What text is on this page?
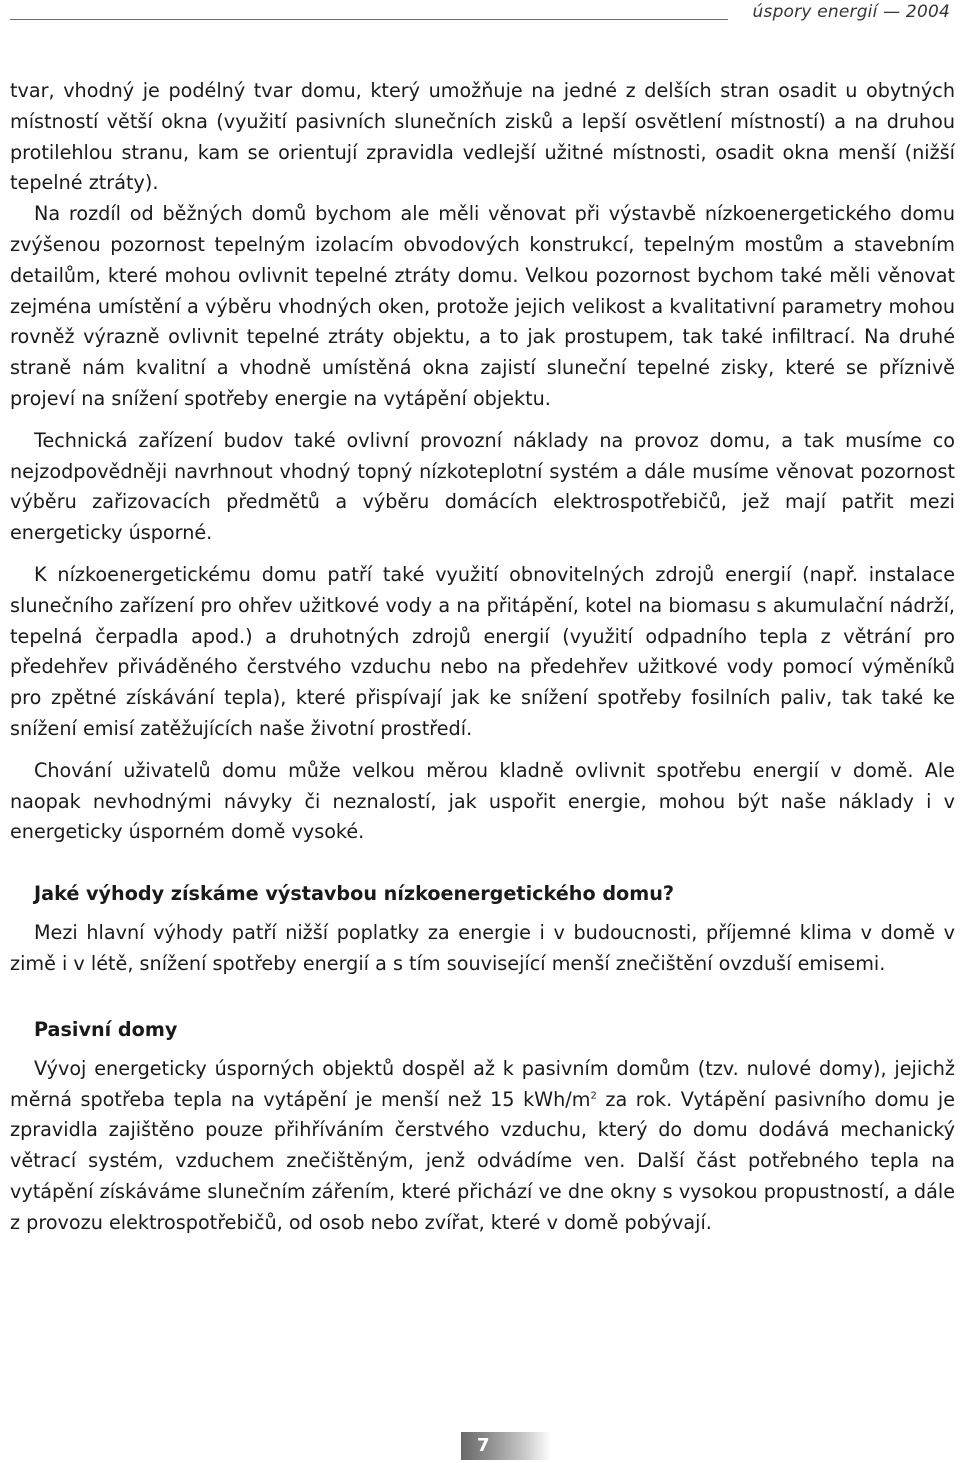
úspory energií — 2004

tvar, vhodný je podélný tvar domu, který umožňuje na jedné z delších stran osadit u obytných místností větší okna (využití pasivních slunečních zisků a lepší osvětlení místností) a na druhou protilehlou stranu, kam se orientují zpravidla vedlejší užitné místnosti, osadit okna menší (nižší tepelné ztráty).

Na rozdíl od běžných domů bychom ale měli věnovat při výstavbě nízkoenergetického domu zvýšenou pozornost tepelným izolacím obvodových konstrukcí, tepelným mostům a stavebním detailům, které mohou ovlivnit tepelné ztráty domu. Velkou pozornost bychom také měli věnovat zejména umístění a výběru vhodných oken, protože jejich velikost a kvalitativní parametry mohou rovněž výrazně ovlivnit tepelné ztráty objektu, a to jak prostupem, tak také infiltrací. Na druhé straně nám kvalitní a vhodně umístěná okna zajistí sluneční tepelné zisky, které se příznivě projeví na snížení spotřeby energie na vytápění objektu.

Technická zařízení budov také ovlivní provozní náklady na provoz domu, a tak musíme co nejzodpovědněji navrhnout vhodný topný nízkoteplotní systém a dále musíme věnovat pozornost výběru zařizovacích předmětů a výběru domácích elektrospotřebičů, jež mají patřit mezi energeticky úsporné.

K nízkoenergetickému domu patří také využití obnovitelných zdrojů energií (např. instalace slunečního zařízení pro ohřev užitkové vody a na přitápění, kotel na biomasu s akumulační nádrží, tepelná čerpadla apod.) a druhotných zdrojů energií (využití odpadního tepla z větrání pro předehřev přiváděného čerstvého vzduchu nebo na předehřev užitkové vody pomocí výměníků pro zpětné získávání tepla), které přispívají jak ke snížení spotřeby fosilních paliv, tak také ke snížení emisí zatěžujících naše životní prostředí.

Chování uživatelů domu může velkou měrou kladně ovlivnit spotřebu energií v domě. Ale naopak nevhodnými návyky či neznalostí, jak uspořit energie, mohou být naše náklady i v energeticky úsporném domě vysoké.

Jaké výhody získáme výstavbou nízkoenergetického domu?

Mezi hlavní výhody patří nižší poplatky za energie i v budoucnosti, příjemné klima v domě v zimě i v létě, snížení spotřeby energií a s tím související menší znečištění ovzduší emisemi.

Pasivní domy

Vývoj energeticky úsporných objektů dospěl až k pasivním domům (tzv. nulové domy), jejichž měrná spotřeba tepla na vytápění je menší než 15 kWh/$m^2$ za rok. Vytápění pasivního domu je zpravidla zajištěno pouze přihříváním čerstvého vzduchu, který do domu dodává mechanický větrací systém, vzduchem znečištěným, jenž odvádíme ven. Další část potřebného tepla na vytápění získáváme slunečním zářením, které přichází ve dne okny s vysokou propustností, a dále z provozu elektrospotřebičů, od osob nebo zvířat, které v domě pobývají.

7
